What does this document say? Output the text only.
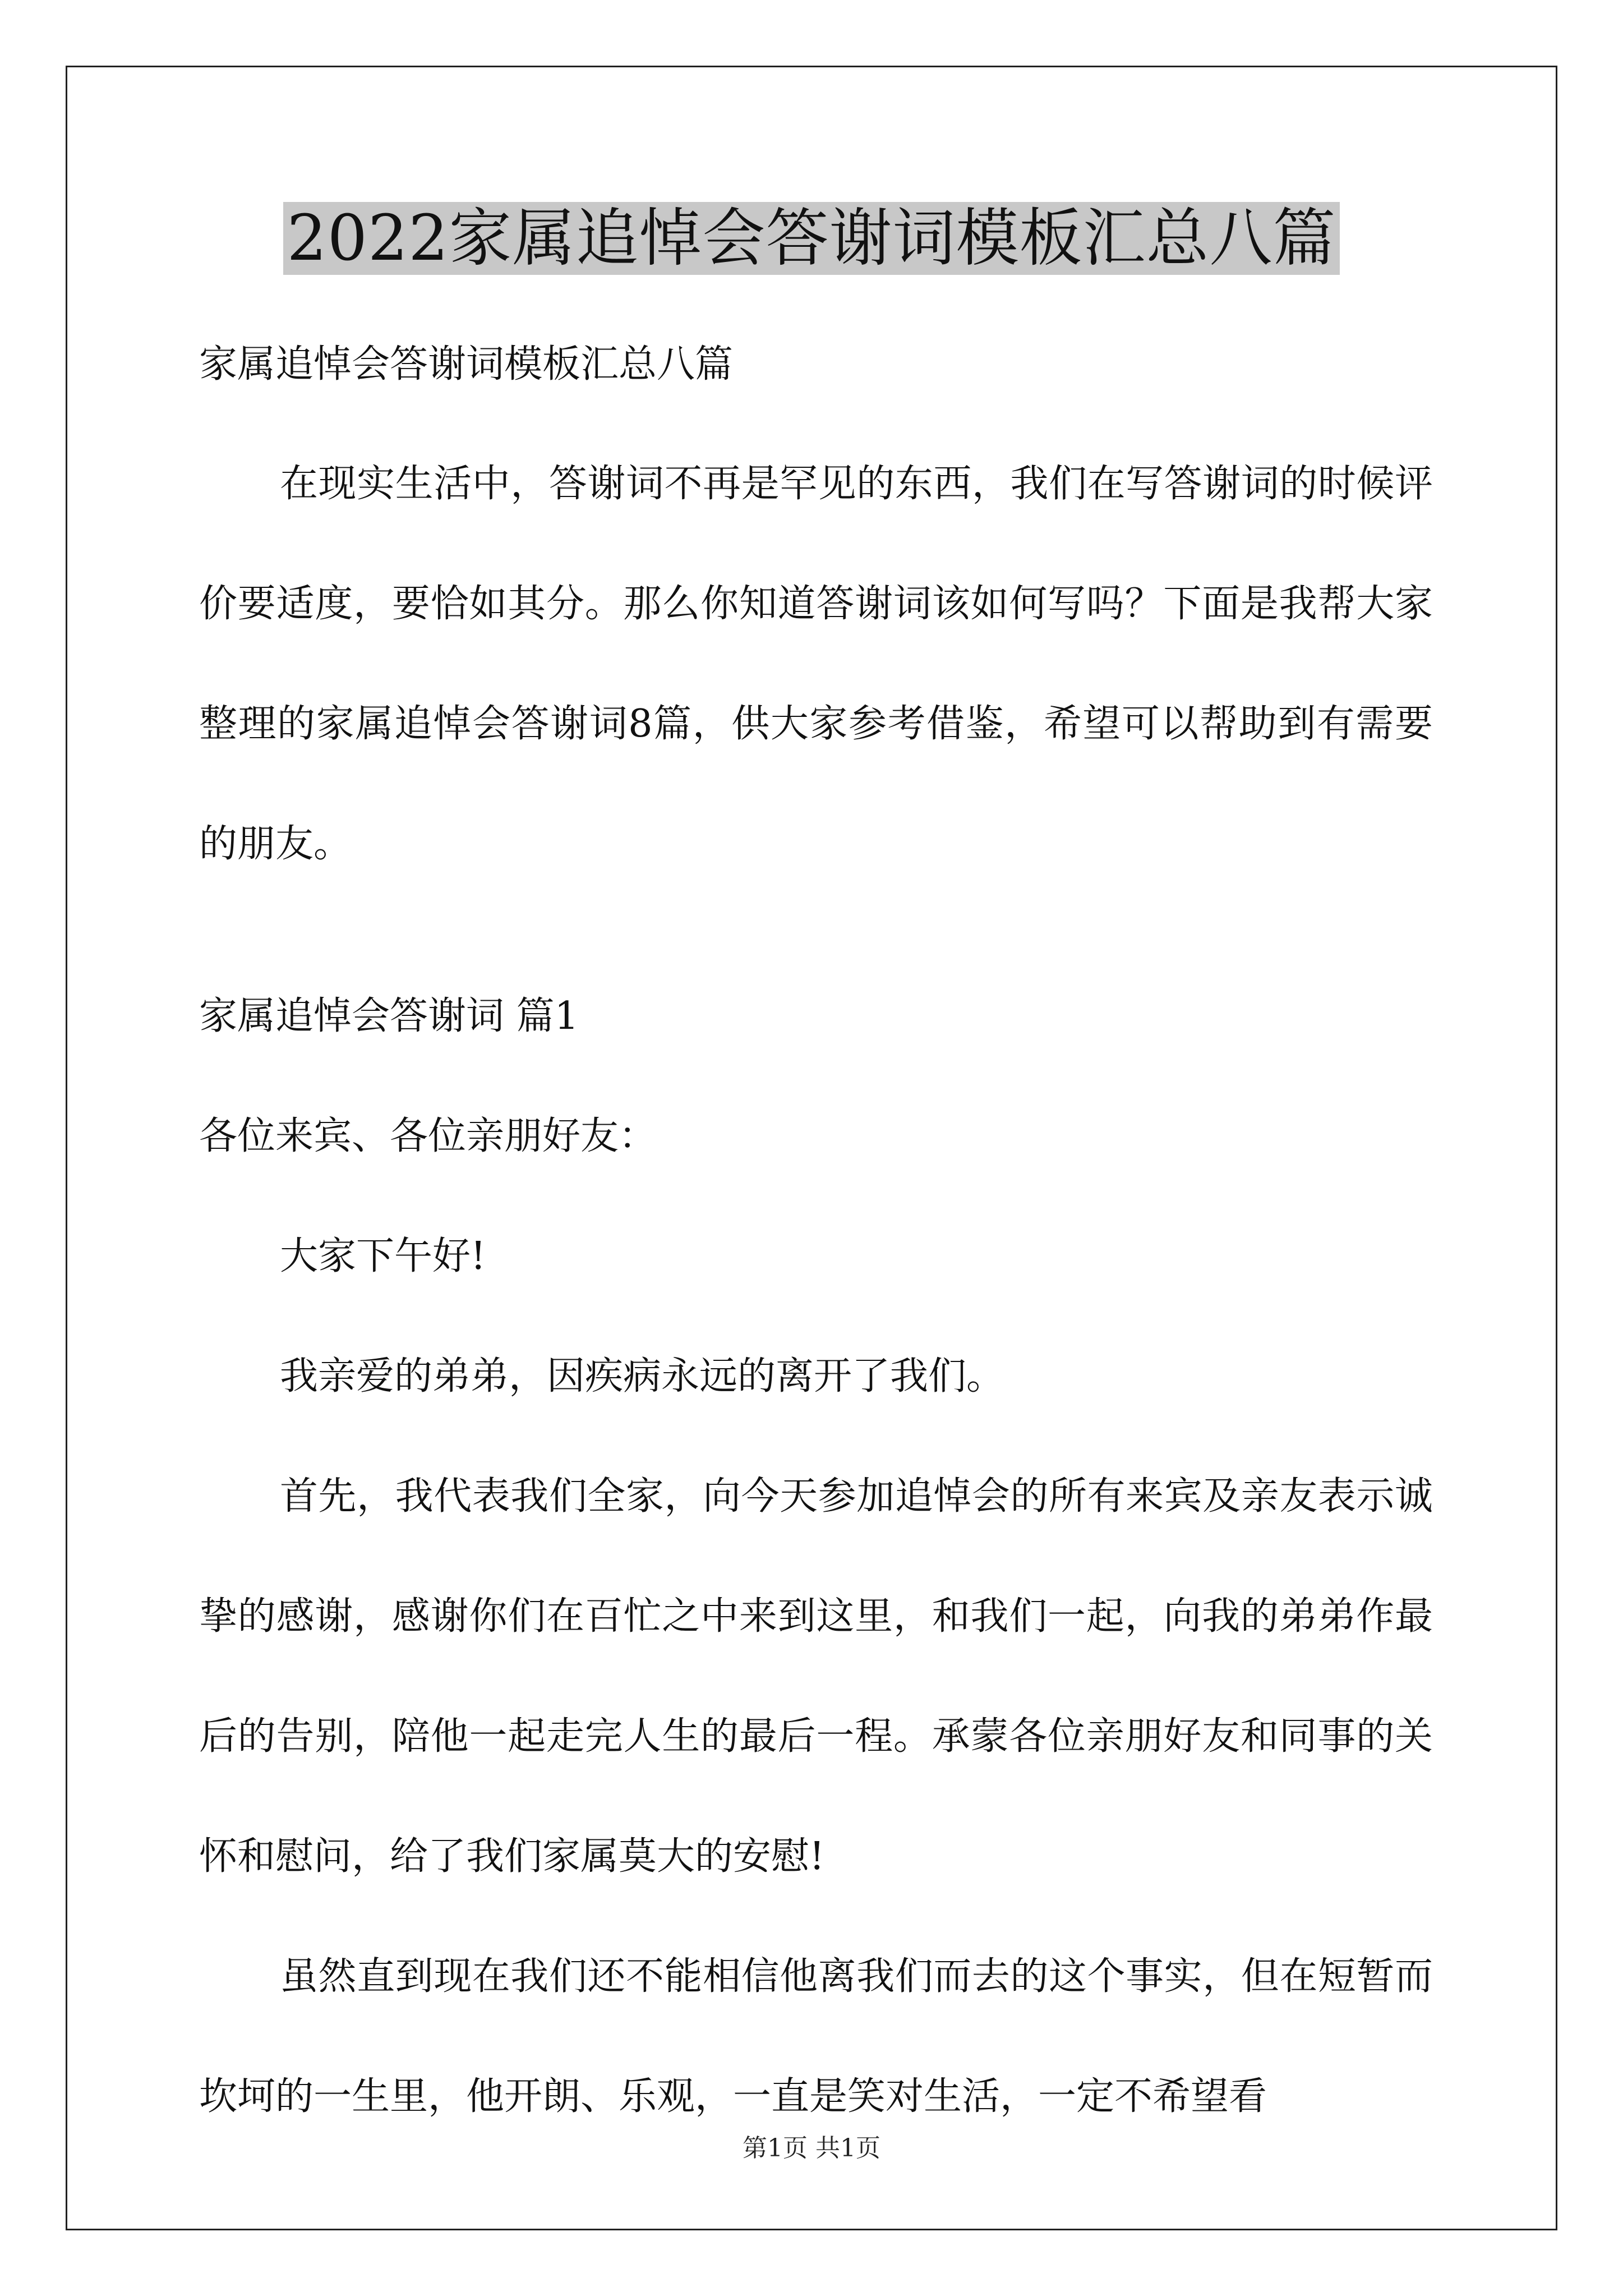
2022家属追悼会答谢词模板汇总八篇

家属追悼会答谢词模板汇总八篇

在现实生活中，答谢词不再是罕见的东西，我们在写答谢词的时候评价要适度，要恰如其分。那么你知道答谢词该如何写吗？下面是我帮大家整理的家属追悼会答谢词8篇，供大家参考借鉴，希望可以帮助到有需要的朋友。

家属追悼会答谢词 篇1

各位来宾、各位亲朋好友：

大家下午好!

我亲爱的弟弟，因疾病永远的离开了我们。

首先，我代表我们全家，向今天参加追悼会的所有来宾及亲友表示诚挚的感谢，感谢你们在百忙之中来到这里，和我们一起，向我的弟弟作最后的告别，陪他一起走完人生的最后一程。承蒙各位亲朋好友和同事的关怀和慰问，给了我们家属莫大的安慰!

虽然直到现在我们还不能相信他离我们而去的这个事实，但在短暂而坎坷的一生里，他开朗、乐观，一直是笑对生活，一定不希望看

第1页 共1页
